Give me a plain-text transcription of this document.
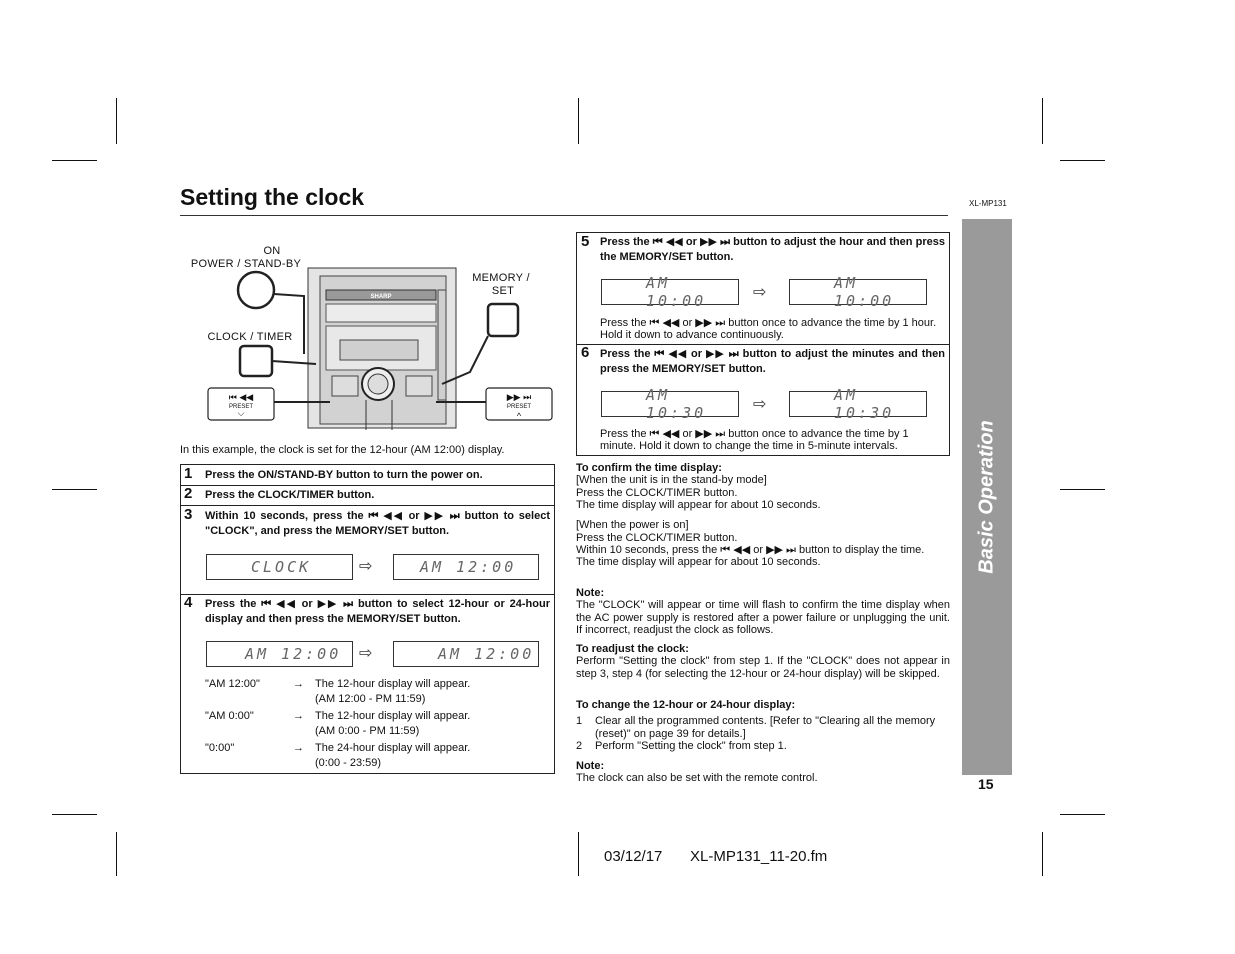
Setting the clock	XL-MP131
Basic Operation
15
ON
POWER / STAND-BY
MEMORY /
SET
CLOCK / TIMER
⏮ ◀◀
⌵
▶▶ ⏭
^
SHARP
PRESET	PRESET
In this example, the clock is set for the 12-hour (AM 12:00) display.
1 Press the ON/STAND-BY button to turn the power on.
2 Press the CLOCK/TIMER button.
3 Within 10 seconds, press the ⏮ ◀◀ or ▶▶ ⏭ button to select "CLOCK", and press the MEMORY/SET button.
CLOCK	⇨	AM 12:00
4 Press the ⏮ ◀◀ or ▶▶ ⏭ button to select 12-hour or 24-hour display and then press the MEMORY/SET button.
AM 12:00 ⇨	AM 12:00
"AM 12:00"	→ The 12-hour display will appear.
(AM 12:00 - PM 11:59)
"AM 0:00"	→ The 12-hour display will appear.
(AM 0:00 - PM 11:59)
"0:00"	→ The 24-hour display will appear.
(0:00 - 23:59)
5 Press the ⏮ ◀◀ or ▶▶ ⏭ button to adjust the hour and then press the MEMORY/SET button.
AM 10:00	⇨
AM 10:00
Press the ⏮ ◀◀ or ▶▶ ⏭ button once to advance the time by 1 hour. Hold it down to advance continuously.
6 Press the ⏮ ◀◀ or ▶▶ ⏭ button to adjust the minutes and then press the MEMORY/SET button.
AM 10:30	⇨
AM 10:30
Press the ⏮ ◀◀ or ▶▶ ⏭ button once to advance the time by 1 minute. Hold it down to change the time in 5-minute intervals.
To confirm the time display:
[When the unit is in the stand-by mode]
Press the CLOCK/TIMER button.
The time display will appear for about 10 seconds.
[When the power is on]
Press the CLOCK/TIMER button.
Within 10 seconds, press the ⏮ ◀◀ or ▶▶ ⏭ button to display the time.
The time display will appear for about 10 seconds.
Note:
The "CLOCK" will appear or time will flash to confirm the time display when the AC power supply is restored after a power failure or unplugging the unit. If incorrect, readjust the clock as follows.
To readjust the clock:
Perform "Setting the clock" from step 1. If the "CLOCK" does not appear in step 3, step 4 (for selecting the 12-hour or 24-hour display) will be skipped.
To change the 12-hour or 24-hour display:
1 Clear all the programmed contents. [Refer to "Clearing all the memory (reset)" on page 39 for details.]
2 Perform "Setting the clock" from step 1.
Note:
The clock can also be set with the remote control.
03/12/17 XL-MP131_11-20.fm
